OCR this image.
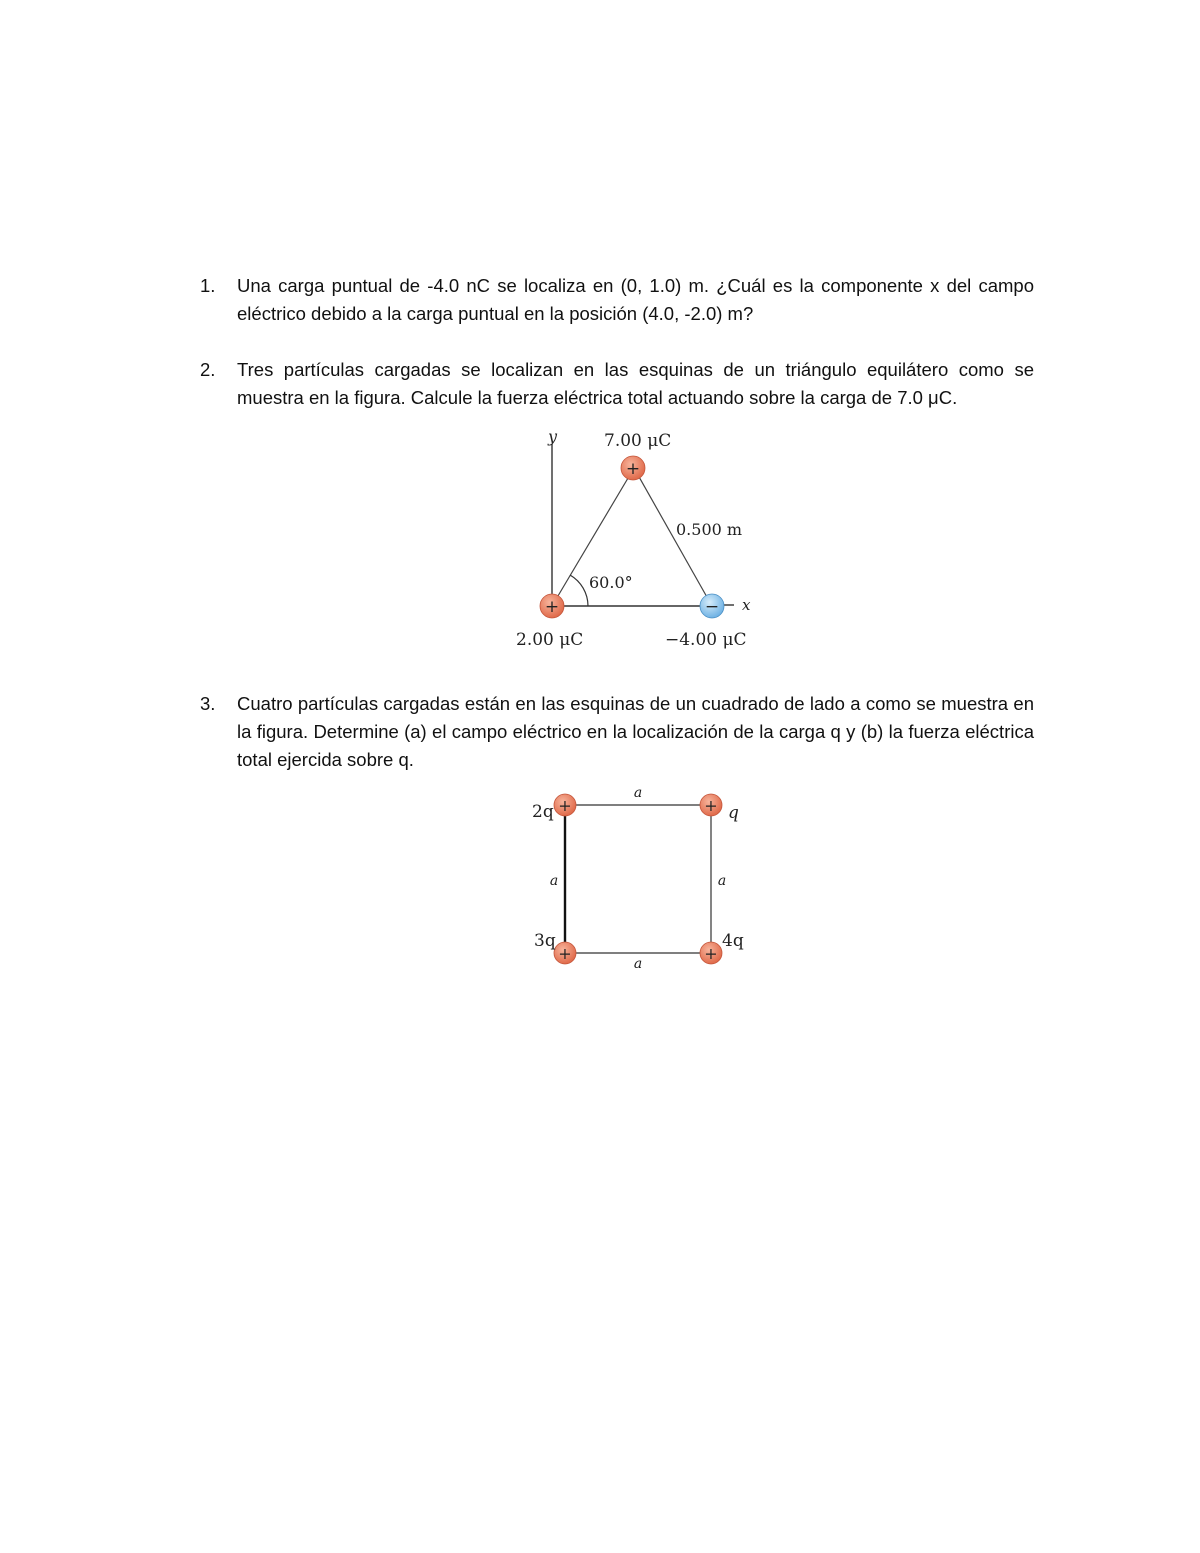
1. Una carga puntual de -4.0 nC se localiza en (0, 1.0) m. ¿Cuál es la componente x del campo eléctrico debido a la carga puntual en la posición (4.0, -2.0) m?
2. Tres partículas cargadas se localizan en las esquinas de un triángulo equilátero como se muestra en la figura. Calcule la fuerza eléctrica total actuando sobre la carga de 7.0 μC.
y
x
60.0°
0.500 m
7.00 μC
+
+
2.00 μC
−
−4.00 μC
3. Cuatro partículas cargadas están en las esquinas de un cuadrado de lado a como se muestra en la figura. Determine (a) el campo eléctrico en la localización de la carga q y (b) la fuerza eléctrica total ejercida sobre q.
a
a
a	a
+
2q	+ q
+
3q
+
4q
